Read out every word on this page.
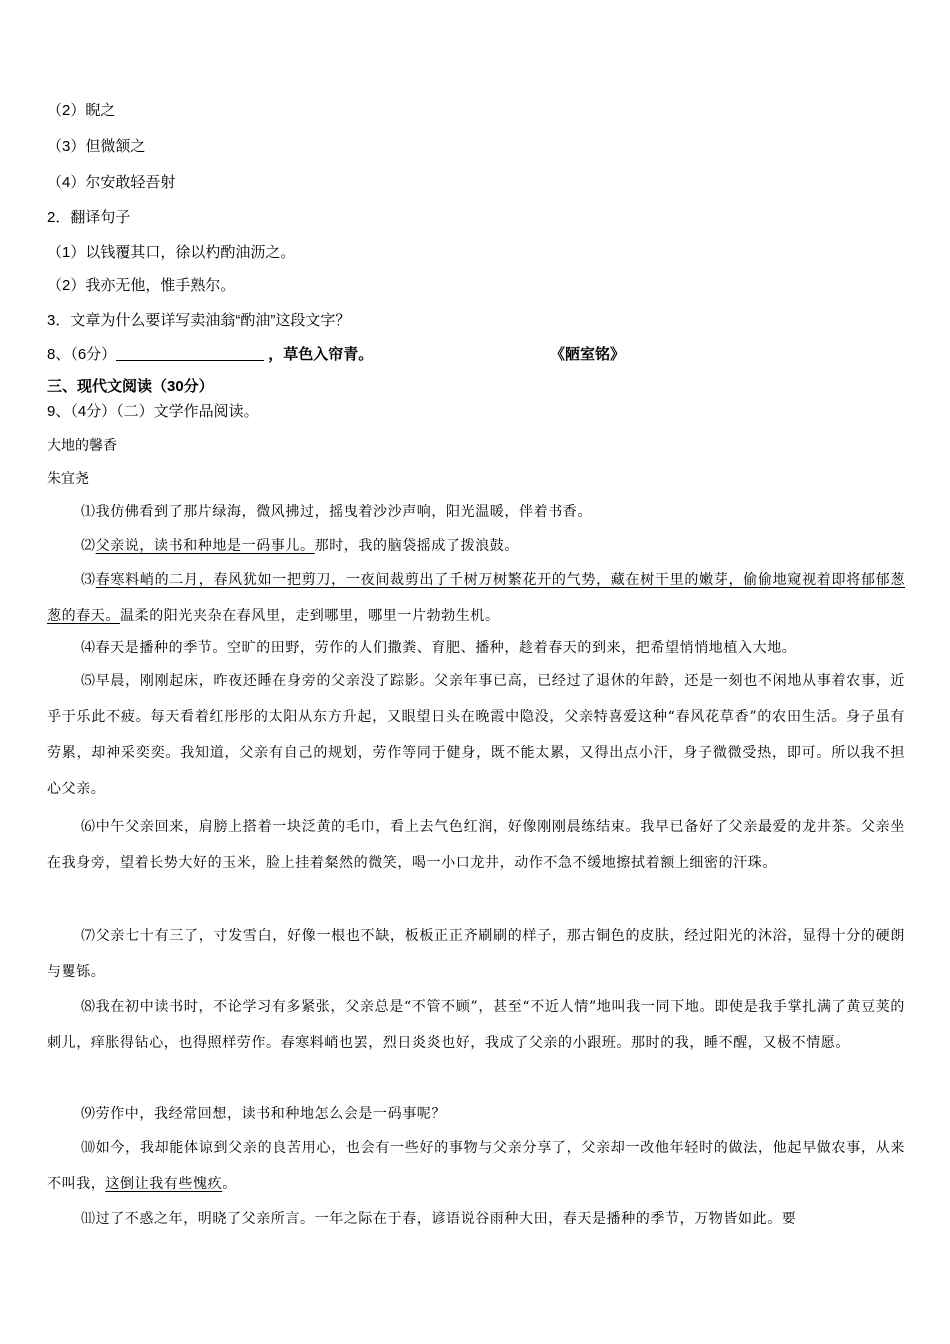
（2）睨之
（3）但微颔之
（4）尔安敢轻吾射
2．翻译句子
（1）以钱覆其口，徐以杓酌油沥之。
（2）我亦无他，惟手熟尔。
3．文章为什么要详写卖油翁“酌油”这段文字？
8、（6分）	，草色入帘青。	《陋室铭》
三、现代文阅读（30分）
9、（4分）（二）文学作品阅读。
大地的馨香
朱宜尧
⑴我仿佛看到了那片绿海，微风拂过，摇曳着沙沙声响，阳光温暖，伴着书香。
⑵父亲说，读书和种地是一码事儿。那时，我的脑袋摇成了拨浪鼓。
⑶春寒料峭的二月，春风犹如一把剪刀，一夜间裁剪出了千树万树繁花开的气势，藏在树干里的嫩芽，偷偷地窥视着即将郁郁葱葱的春天。温柔的阳光夹杂在春风里，走到哪里，哪里一片勃勃生机。
⑷春天是播种的季节。空旷的田野，劳作的人们撒粪、育肥、播种，趁着春天的到来，把希望悄悄地植入大地。
⑸早晨，刚刚起床，昨夜还睡在身旁的父亲没了踪影。父亲年事已高，已经过了退休的年龄，还是一刻也不闲地从事着农事，近乎于乐此不疲。每天看着红彤彤的太阳从东方升起，又眼望日头在晚霞中隐没，父亲特喜爱这种“春风花草香”的农田生活。身子虽有劳累，却神采奕奕。我知道，父亲有自己的规划，劳作等同于健身，既不能太累，又得出点小汗，身子微微受热，即可。所以我不担心父亲。
⑹中午父亲回来，肩膀上搭着一块泛黄的毛巾，看上去气色红润，好像刚刚晨练结束。我早已备好了父亲最爱的龙井茶。父亲坐在我身旁，望着长势大好的玉米，脸上挂着粲然的微笑，喝一小口龙井，动作不急不缓地擦拭着额上细密的汗珠。
⑺父亲七十有三了，寸发雪白，好像一根也不缺，板板正正齐刷刷的样子，那古铜色的皮肤，经过阳光的沐浴，显得十分的硬朗与矍铄。
⑻我在初中读书时，不论学习有多紧张，父亲总是“不管不顾”，甚至“不近人情”地叫我一同下地。即使是我手掌扎满了黄豆荚的刺儿，痒胀得钻心，也得照样劳作。春寒料峭也罢，烈日炎炎也好，我成了父亲的小跟班。那时的我，睡不醒，又极不情愿。
⑼劳作中，我经常回想，读书和种地怎么会是一码事呢？
⑽如今，我却能体谅到父亲的良苦用心，也会有一些好的事物与父亲分享了，父亲却一改他年轻时的做法，他起早做农事，从来不叫我，这倒让我有些愧疚。
⑾过了不惑之年，明晓了父亲所言。一年之际在于春，谚语说谷雨种大田，春天是播种的季节，万物皆如此。要
